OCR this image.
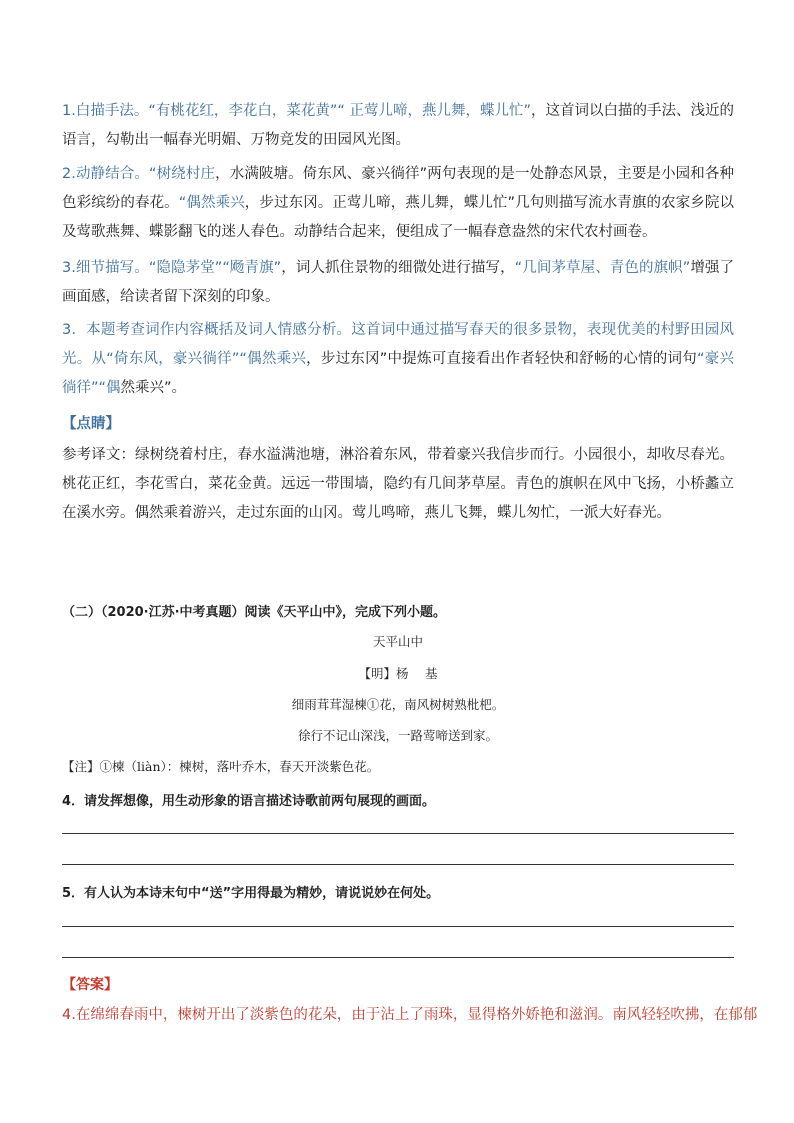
1.白描手法。“有桃花红，李花白，菜花黄”“ 正莺儿啼，燕儿舞，蝶儿忙”，这首词以白描的手法、浅近的语言，勾勒出一幅春光明媚、万物竞发的田园风光图。

2.动静结合。“树绕村庄，水满陂塘。倚东风、豪兴徜徉”两句表现的是一处静态风景，主要是小园和各种色彩缤纷的春花。“偶然乘兴，步过东冈。正莺儿啼，燕儿舞，蝶儿忙”几句则描写流水青旗的农家乡院以及莺歌燕舞、蝶影翻飞的迷人春色。动静结合起来，便组成了一幅春意盎然的宋代农村画卷。

3.细节描写。“隐隐茅堂”“飏青旗”，词人抓住景物的细微处进行描写，“几间茅草屋、青色的旗帜”增强了画面感，给读者留下深刻的印象。

3．本题考查词作内容概括及词人情感分析。这首词中通过描写春天的很多景物，表现优美的村野田园风光。从“倚东风，豪兴徜徉”“偶然乘兴，步过东冈”中提炼可直接看出作者轻快和舒畅的心情的词句“豪兴徜徉”“偶然乘兴”。

【点睛】

参考译文：绿树绕着村庄，春水溢满池塘，淋浴着东风，带着豪兴我信步而行。小园很小，却收尽春光。桃花正红，李花雪白，菜花金黄。远远一带围墙，隐约有几间茅草屋。青色的旗帜在风中飞扬，小桥蠡立在溪水旁。偶然乘着游兴，走过东面的山冈。莺儿鸣啼，燕儿飞舞，蝶儿匆忙，一派大好春光。

（二）（2020·江苏·中考真题）阅读《天平山中》，完成下列小题。

天平山中

【明】杨　 基

细雨茸茸湿楝①花，南风树树熟枇杷。

徐行不记山深浅，一路莺啼送到家。

【注】①楝（liàn）：楝树，落叶乔木，春天开淡紫色花。

4．请发挥想像，用生动形象的语言描述诗歌前两句展现的画面。

5．有人认为本诗末句中“送”字用得最为精妙，请说说妙在何处。

【答案】

4.在绵绵春雨中，楝树开出了淡紫色的花朵，由于沾上了雨珠，显得格外娇艳和滋润。南风轻轻吹拂，在郁郁
